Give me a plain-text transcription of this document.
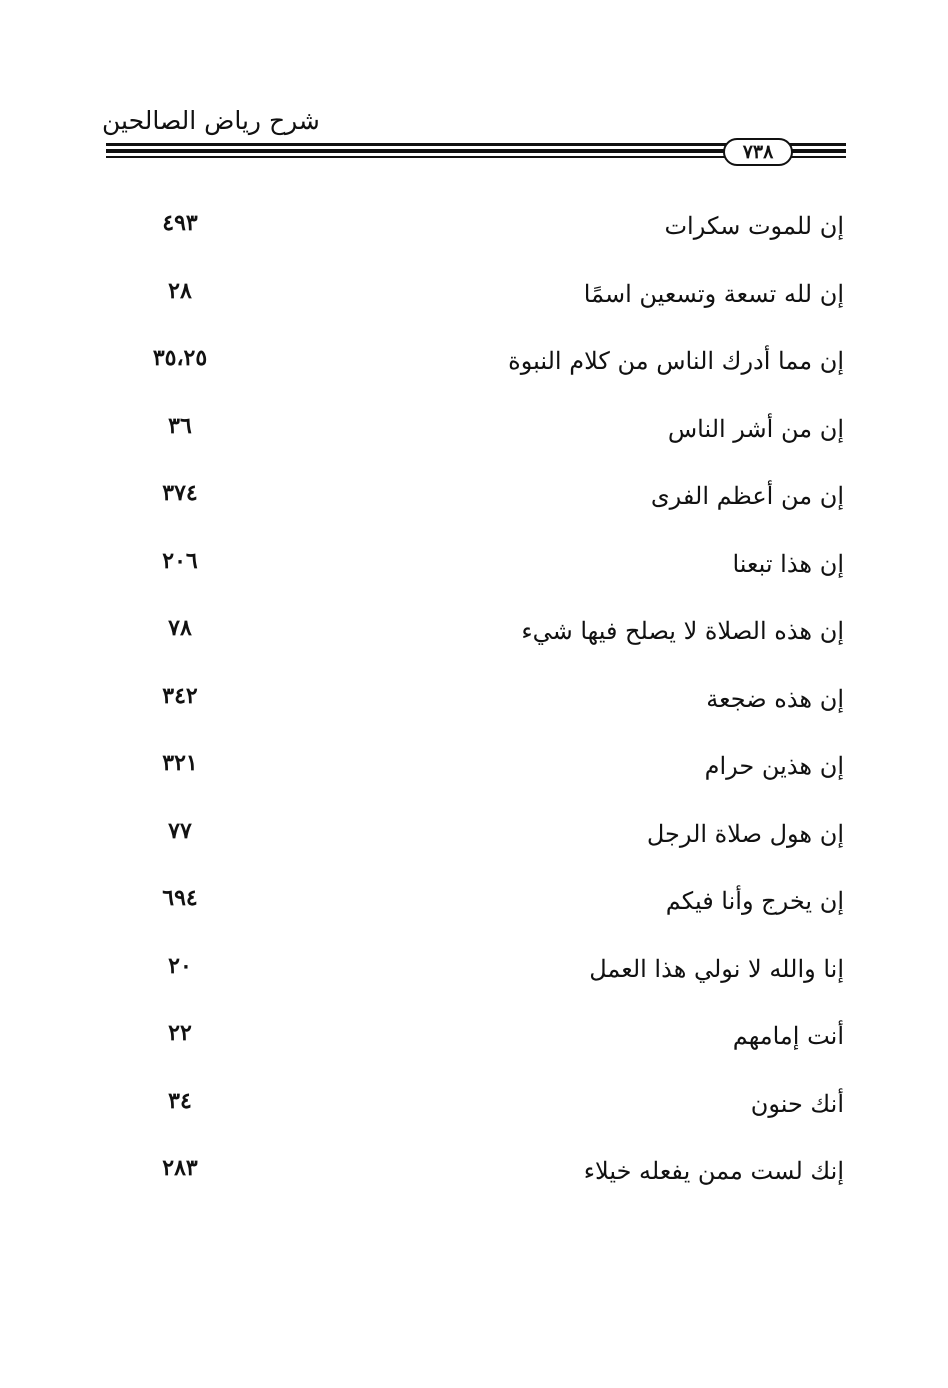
شرح رياض الصالحين
٧٣٨
إن للموت سكرات
٤٩٣
إن لله تسعة وتسعين اسمًا
٢٨
إن مما أدرك الناس من كلام النبوة
٣٥،٢٥
إن من أشر الناس
٣٦
إن من أعظم الفرى
٣٧٤
إن هذا تبعنا
٢٠٦
إن هذه الصلاة لا يصلح فيها شيء
٧٨
إن هذه ضجعة
٣٤٢
إن هذين حرام
٣٢١
إن هول صلاة الرجل
٧٧
إن يخرج وأنا فيكم
٦٩٤
إنا والله لا نولي هذا العمل
٢٠
أنت إمامهم
٢٢
أنك حنون
٣٤
إنك لست ممن يفعله خيلاء
٢٨٣
